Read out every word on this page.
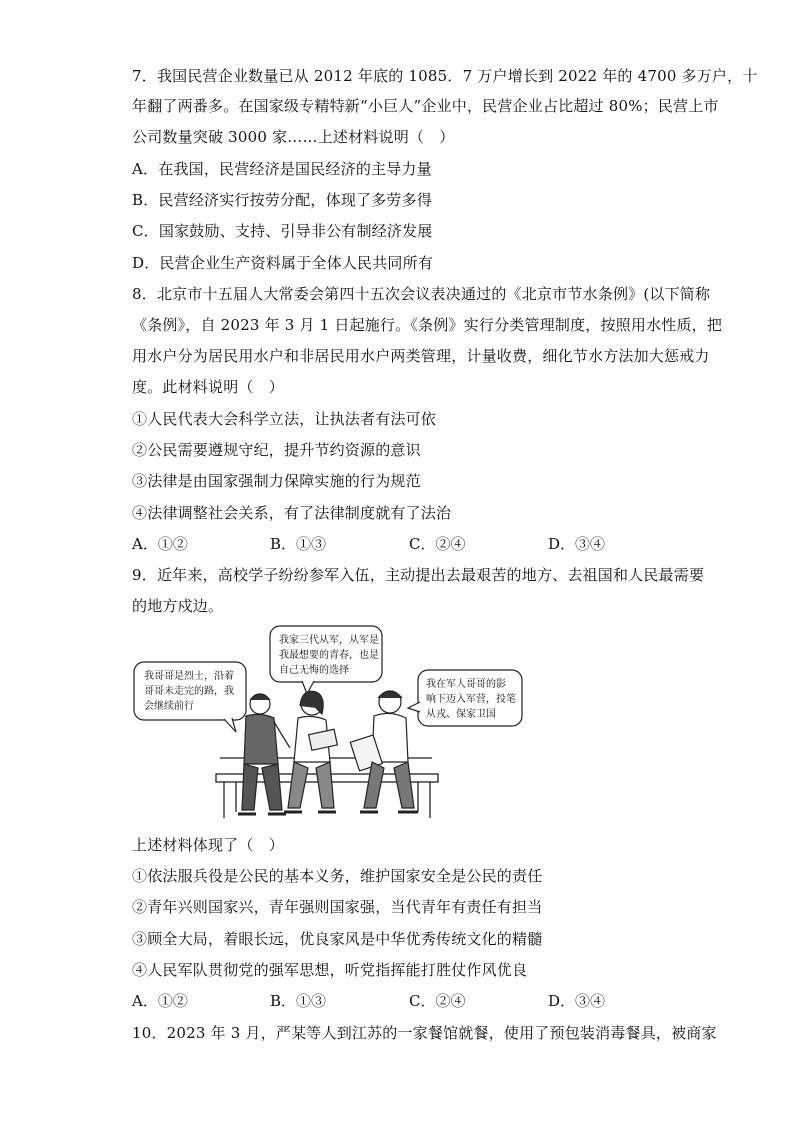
7．我国民营企业数量已从 2012 年底的 1085．7 万户增长到 2022 年的 4700 多万户，十
年翻了两番多。在国家级专精特新“小巨人”企业中，民营企业占比超过 80%；民营上市
公司数量突破 3000 家……上述材料说明（　）
A．在我国，民营经济是国民经济的主导力量
B．民营经济实行按劳分配，体现了多劳多得
C．国家鼓励、支持、引导非公有制经济发展
D．民营企业生产资料属于全体人民共同所有
8．北京市十五届人大常委会第四十五次会议表决通过的《北京市节水条例》(以下简称
《条例》，自 2023 年 3 月 1 日起施行。《条例》实行分类管理制度，按照用水性质，把
用水户分为居民用水户和非居民用水户两类管理，计量收费，细化节水方法加大惩戒力
度。此材料说明（　）
①人民代表大会科学立法，让执法者有法可依
②公民需要遵规守纪，提升节约资源的意识
③法律是由国家强制力保障实施的行为规范
④法律调整社会关系，有了法律制度就有了法治
A．①②	B．①③	C．②④	D．③④
9．近年来，高校学子纷纷参军入伍，主动提出去最艰苦的地方、去祖国和人民最需要
的地方戍边。
我哥哥是烈士，沿着
哥哥未走完的路，我
会继续前行
我家三代从军，从军是
我最想要的青春，也是
自己无悔的选择
我在军人哥哥的影
响下迈入军营，投笔
从戎、保家卫国
上述材料体现了（　）
①依法服兵役是公民的基本义务，维护国家安全是公民的责任
②青年兴则国家兴，青年强则国家强，当代青年有责任有担当
③顾全大局，着眼长远，优良家风是中华优秀传统文化的精髓
④人民军队贯彻党的强军思想，听党指挥能打胜仗作风优良
A．①②	B．①③	C．②④	D．③④
10．2023 年 3 月，严某等人到江苏的一家餐馆就餐，使用了预包装消毒餐具，被商家
